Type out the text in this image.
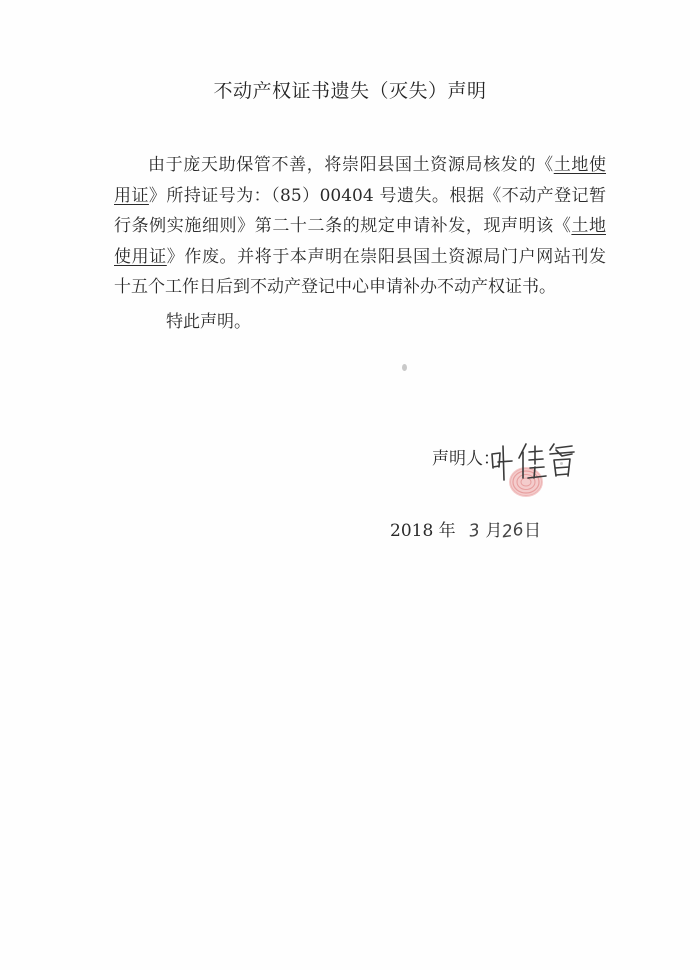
不动产权证书遗失（灭失）声明

由于庞天助保管不善，将崇阳县国土资源局核发的《土地使用证》所持证号为：（85）00404 号遗失。根据《不动产登记暂行条例实施细则》第二十二条的规定申请补发，现声明该《土地使用证》作废。并将于本声明在崇阳县国土资源局门户网站刊发十五个工作日后到不动产登记中心申请补办不动产权证书。

特此声明。

声明人：
2018 年 3 月26日
